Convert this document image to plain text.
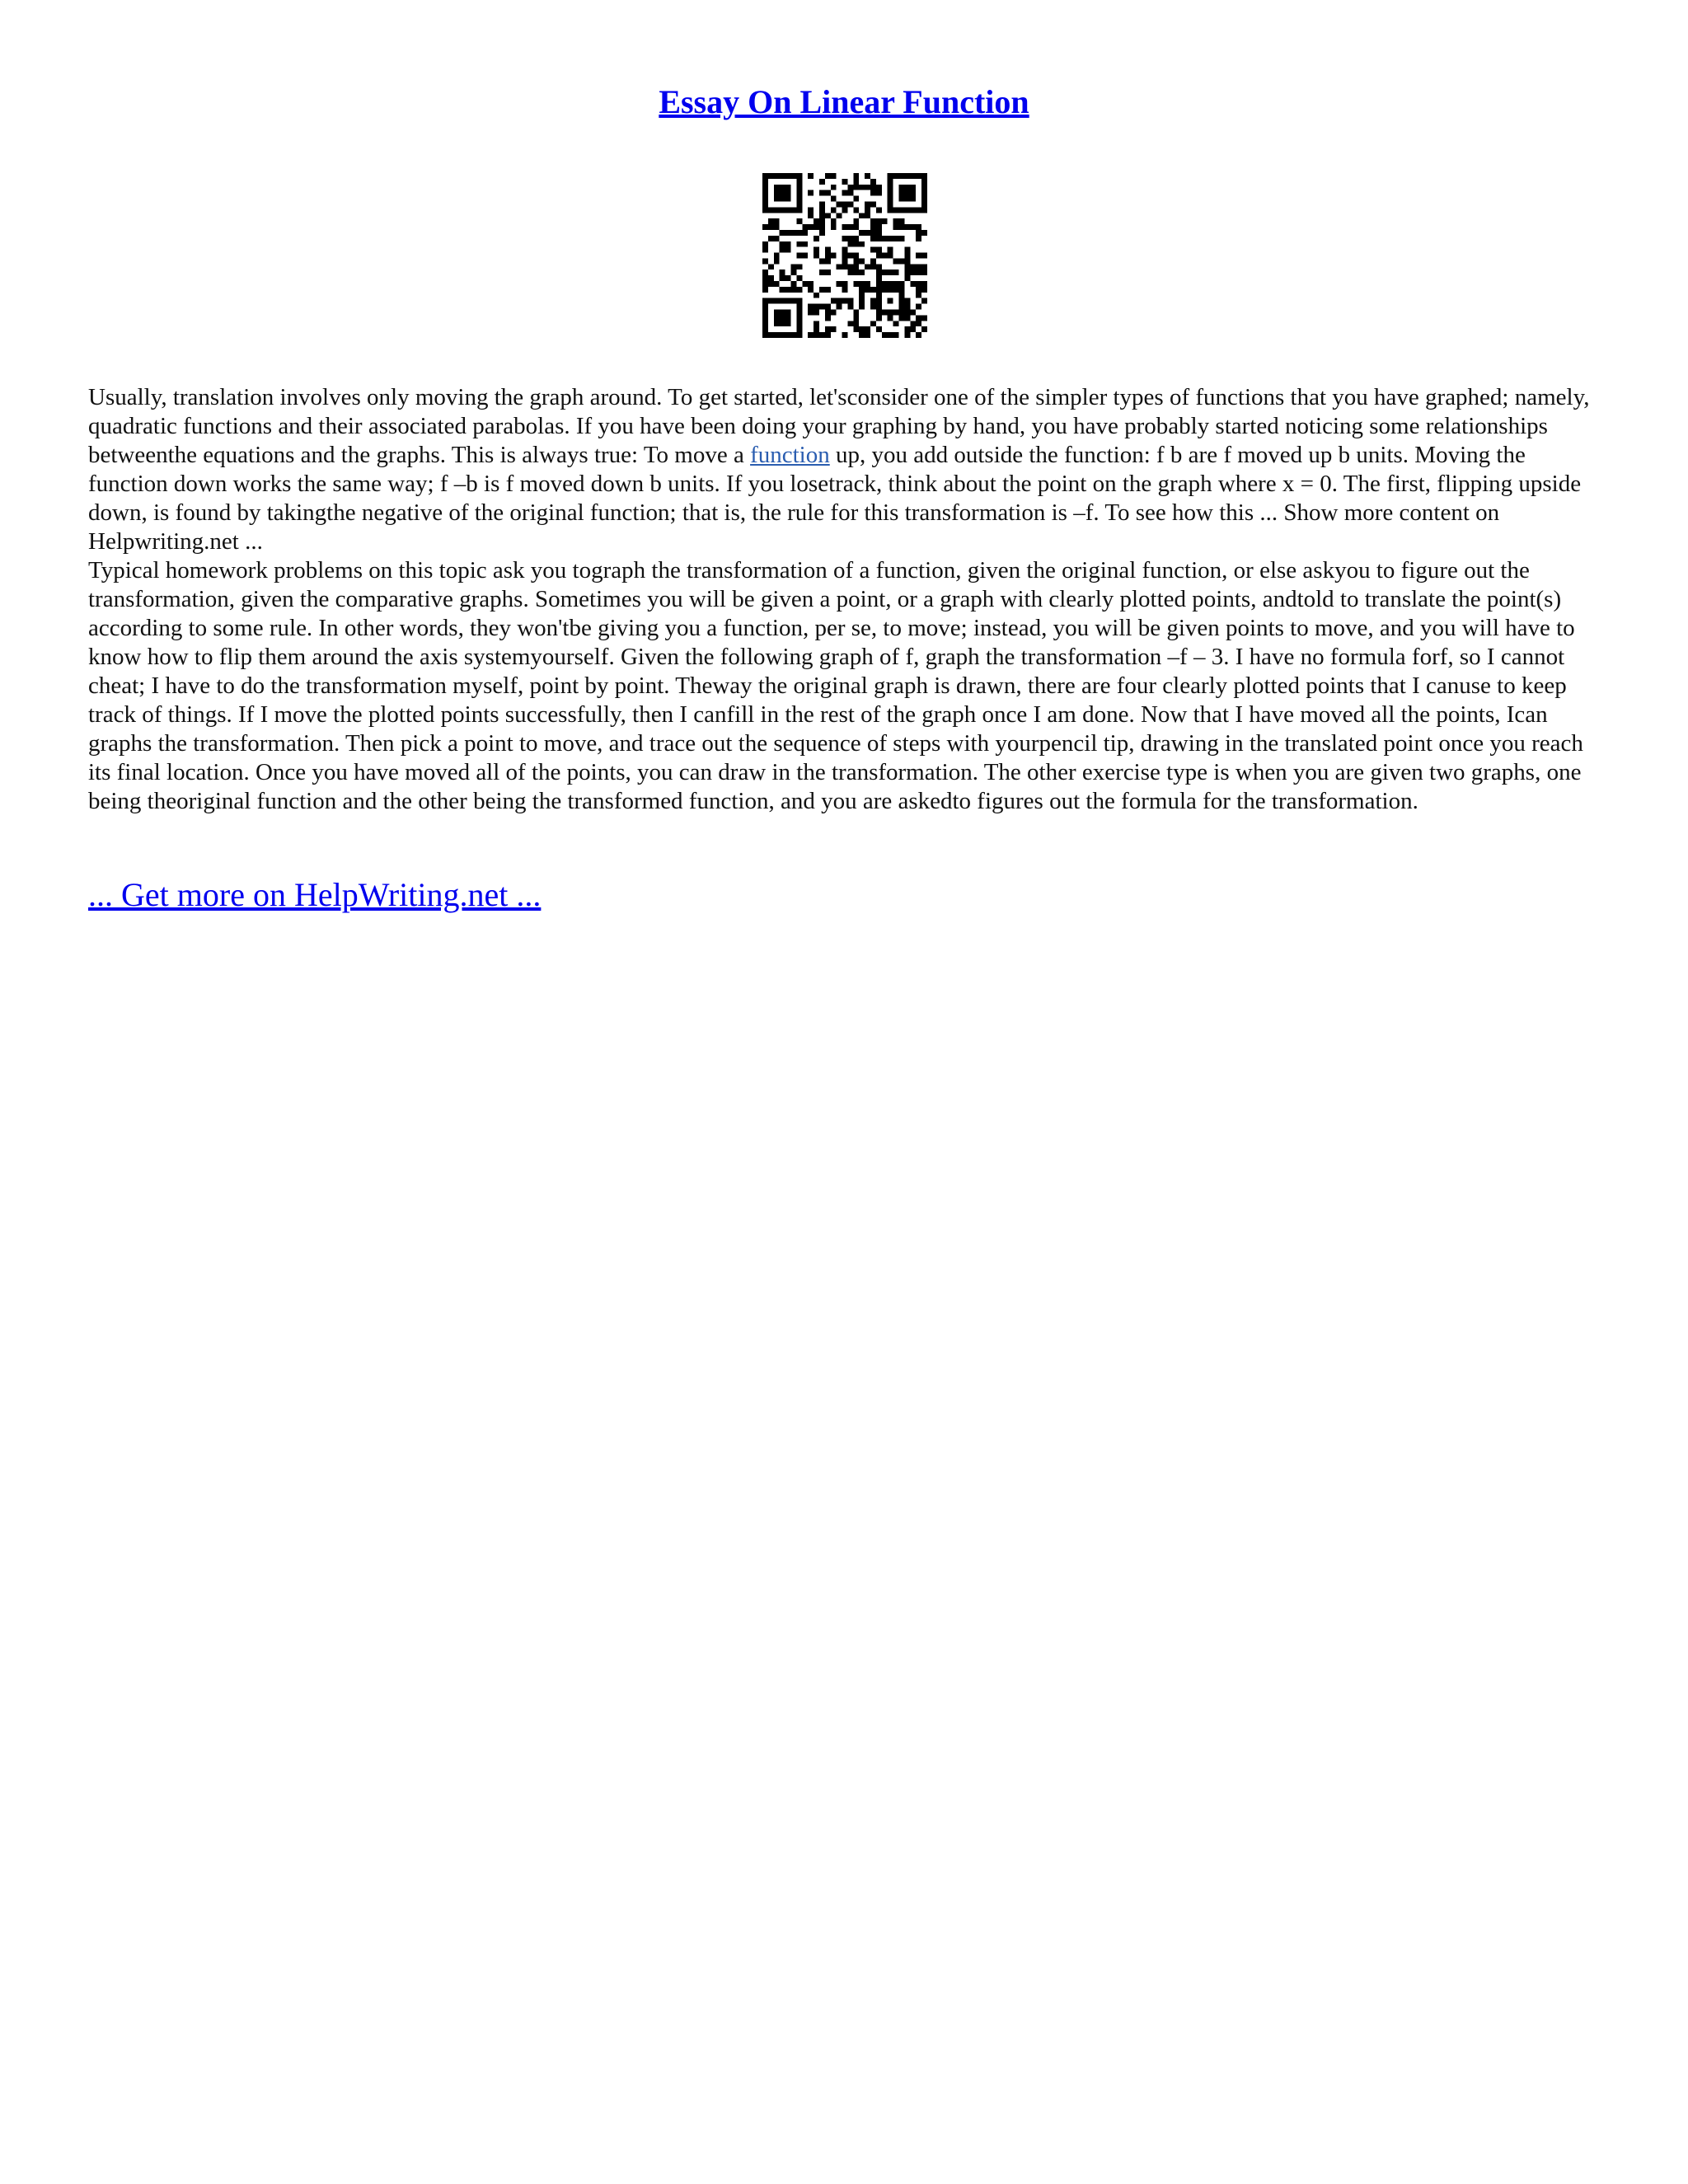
Essay On Linear Function

Usually, translation involves only moving the graph around. To get started, let'sconsider one of the simpler types of functions that you have graphed; namely, quadratic functions and their associated parabolas. If you have been doing your graphing by hand, you have probably started noticing some relationships betweenthe equations and the graphs. This is always true: To move a function up, you add outside the function: f b are f moved up b units. Moving the function down works the same way; f –b is f moved down b units. If you losetrack, think about the point on the graph where x = 0. The first, flipping upside down, is found by takingthe negative of the original function; that is, the rule for this transformation is –f. To see how this ... Show more content on Helpwriting.net ...

Typical homework problems on this topic ask you tograph the transformation of a function, given the original function, or else askyou to figure out the transformation, given the comparative graphs. Sometimes you will be given a point, or a graph with clearly plotted points, andtold to translate the point(s) according to some rule. In other words, they won'tbe giving you a function, per se, to move; instead, you will be given points to move, and you will have to know how to flip them around the axis systemyourself. Given the following graph of f, graph the transformation –f – 3. I have no formula forf, so I cannot cheat; I have to do the transformation myself, point by point. Theway the original graph is drawn, there are four clearly plotted points that I canuse to keep track of things. If I move the plotted points successfully, then I canfill in the rest of the graph once I am done. Now that I have moved all the points, Ican graphs the transformation. Then pick a point to move, and trace out the sequence of steps with yourpencil tip, drawing in the translated point once you reach its final location. Once you have moved all of the points, you can draw in the transformation. The other exercise type is when you are given two graphs, one being theoriginal function and the other being the transformed function, and you are askedto figures out the formula for the transformation.

... Get more on HelpWriting.net ...
